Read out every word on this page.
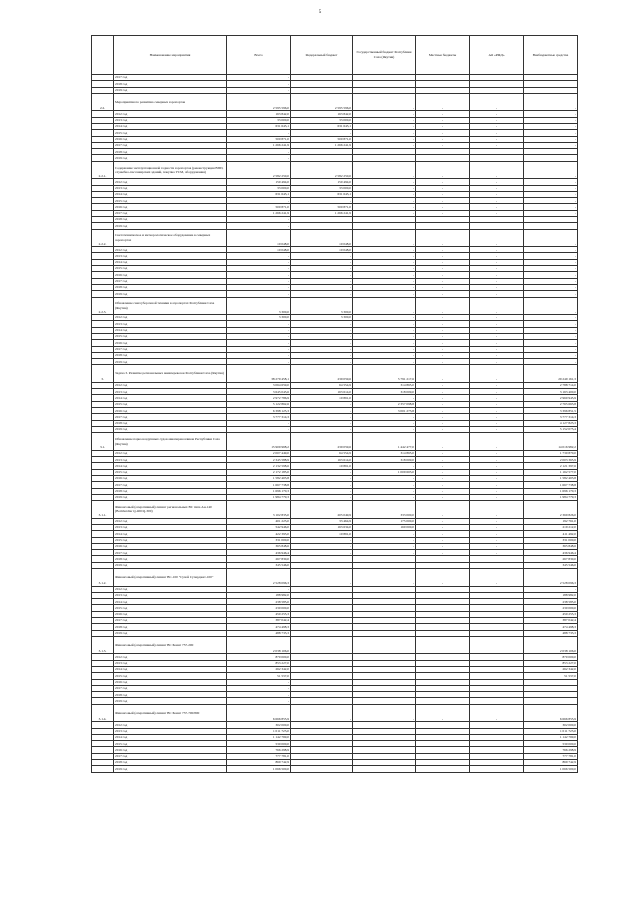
5
	Наименование мероприятия	Всего	Федеральный бюджет	Государственный бюджет Республики Саха (Якутия)	Местные бюджеты	АО «РЖД»	Внебюджетные средства
	2017 год	-					
	2018 год	-					
	2019 год	-					
2.2.	Мероприятия по развитию северных аэропортов	2 595 596,0	2 595 596,0	-	-	-	-
	2012 год	163 842,0	163 842,0	-	-	-	-
	2013 год	33 000,0	33 000,0	-	-	-	-
	2014 год	631 643,1	631 643,1	-	-	-	-
	2015 год	-	-	-	-	-	-
	2016 год	500 871,0	500 871,0	-	-	-	-
	2017 год	1 266 241,9	1 266 241,9	-	-	-	-
	2018 год	-					
	2019 год	-					
2.2.1.	Содержание эксплуатационной годности аэропортов (реконструкция ВПП, служебно-пассажирских зданий, покупка УСМ, оборудования)	2 582 250,0	2 582 250,0	-	-	-	-
	2012 год	150 494,0	150 494,0	-	-	-	-
	2013 год	33 000,0	33 000,0	-	-	-	-
	2014 год	631 643,1	631 643,1	-	-	-	-
	2015 год	-	-	-	-	-	-
	2016 год	500 871,0	500 871,0	-	-	-	-
	2017 год	1 266 241,9	1 266 241,9	-	-	-	-
	2018 год	-					
	2019 год	-					
2.2.2.	Светотехническое и метеорологическое оборудование в северных аэропортах	10 048,0	10 048,0	-	-	-	-
	2012 год	10 048,0	10 048,0	-	-	-	-
	2013 год	-	-	-	-	-	-
	2014 год	-	-	-	-	-	-
	2015 год	-	-	-	-	-	-
	2016 год	-	-	-	-	-	-
	2017 год	-	-	-	-	-	-
	2018 год	-	-	-	-	-	-
	2019 год	-	-	-	-	-	-
2.2.3.	Обновление снегоуборочной техники в аэропортах Республики Саха (Якутия)	3 300,0	3 300,0	-	-	-	-
	2012 год	3 300,0	3 300,0	-	-	-	-
	2013 год	-	-	-	-	-	-
	2014 год	-	-	-	-	-	-
	2015 год	-	-	-	-	-	-
	2016 год	-	-	-	-	-	-
	2017 год	-	-	-	-	-	-
	2018 год	-	-	-	-	-	-
	2019 год	-	-	-	-	-	-
3.	Задача 3. Развитие региональных авиаперевозок Республики Саха (Якутия)	38 279 458,1	239 059,6	5 791 217,6	-	-	29 249 161,3
	2012 год	3 064 659,0	64 554,9	314 865,0	-	-	2 788 714,0
	2013 год	3 645 043,6	163 614,0	318 009,0	-	-	3 163 400,0
	2014 год	2 972 786,9	10 891,0	-	-	-	2 960 945,9
	2015 год	5 122 862,6	-	2 357 098,8	-	-	2 765 663,8
	2016 год	6 398 125,3	-	3 001 273,8	-	-	3 396 851,5
	2017 год	3 777 314,3	-	-	-	-	3 777 314,3
	2018 год	-	-	-	-	-	4 127 823,3
	2019 год	-	-	-	-	-	5 152 075,4
3.1.	Обновление парка воздушных судов авиаперевозчиков Республики Саха (Якутия)	15 909 998,2	239 059,6	1 442 477,0	-	-	14 016 982,2
	2012 год	2 007 449,0	64 554,9	314 865,0	-	-	1 730 870,0
	2013 год	2 345 588,9	163 614,0	318 009,0	-	-	2 003 365,9
	2014 год	2 132 598,6	10 891,0	-	-	-	2 121 397,6
	2015 год	2 172 185,0	-	1 009 603,0	-	-	1 162 577,0
	2016 год	1 582 403,8	-	-	-	-	1 582 403,8
	2017 год	1 667 738,8	-	-	-	-	1 667 738,8
	2018 год	1 696 170,3	-	-	-	-	1 696 170,3
	2019 год	1 984 779,3	-	-	-	-	1 984 779,3
3.1.1.	Финансовый (оперативный) лизинг региональных ВС типа Ан-140 (Bombardier Q-400/Q-300)	3 102 835,0	205 049,9	333 000,0	-	-	2 369 826,0
	2012 год	401 223,0	33 464,9	175 000,0	-	-	192 761,0
	2013 год	542 946,0	163 634,0	160 000,0	-	-	219 212,0
	2014 год	422 393,0	10 891,0	-	-	-	411 492,0
	2015 год	331 000,0	-	-	-	-	331 000,0
	2016 год	365 848,6	-	-	-	-	365 848,6
	2017 год	436 946,4	-	-	-	-	436 946,4
	2018 год	267 830,0					267 830,0
	2019 год	345 546,0					345 546,0
3.1.2.	Финансовый (оперативный) лизинг ВС-100 "Сухой Суперджет-100"	2 528 096,3	-	-	-	-	2 528 096,3
	2012 год	-					-
	2013 год	188 982,0					188 982,0
	2014 год	238 585,0					238 585,0
	2015 год	230 000,0					230 000,0
	2016 год	450 255,3					450 255,3
	2017 год	387 042,4					387 042,4
	2018 год	474 498,3					474 498,3
	2019 год	488 733,3					488 733,3
3.1.3.	Финансовый (оперативный) лизинг ВС Боинг 757-200	2 038 106,0					2 038 106,0
	2012 год	870 000,0					870 000,0
	2013 год	853 227,0					853 227,0
	2014 год	262 342,0					262 342,0
	2015 год	51 537,0					51 537,0
	2016 год	-					
	2017 год	-					
	2018 год	-					
	2019 год	-					
3.1.4.	Финансовый (оперативный) лизинг ВС Боинг 737-700/800	6 666 855,9	-	-	-	-	6 666 855,9
	2012 год	302 000,0					302 000,0
	2013 год	1 011 723,0					1 011 723,0
	2014 год	1 142 769,0					1 142 769,0
	2015 год	530 000,0					530 000,0
	2016 год	766 298,9					766 298,9
	2017 год	777 781,0					777 781,0
	2018 год	869 742,9					869 742,9
	2019 год	1 066 500,0					1 066 500,0
